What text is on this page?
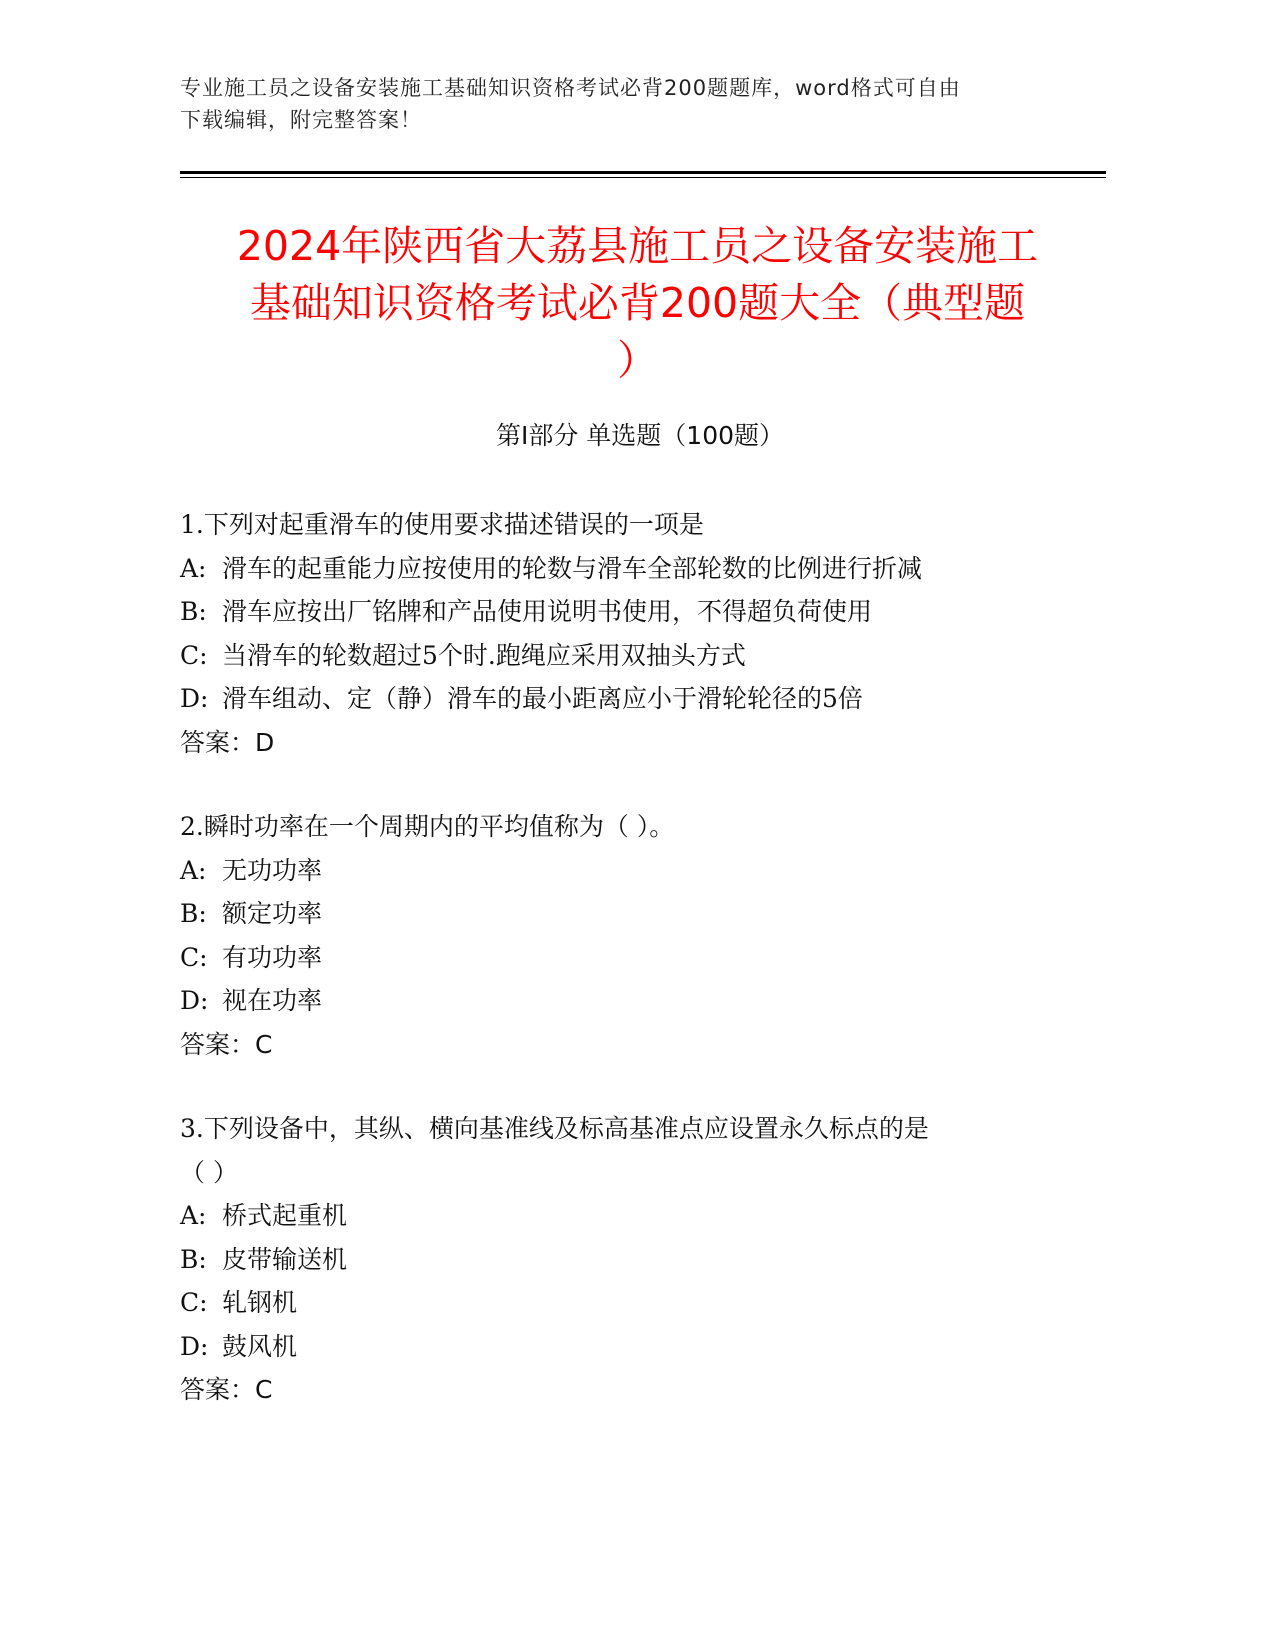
专业施工员之设备安装施工基础知识资格考试必背200题题库，word格式可自由
下载编辑，附完整答案！
2024年陕西省大荔县施工员之设备安装施工
基础知识资格考试必背200题大全（典型题
）
第I部分 单选题（100题）
1.下列对起重滑车的使用要求描述错误的一项是
A: 滑车的起重能力应按使用的轮数与滑车全部轮数的比例进行折减
B: 滑车应按出厂铭牌和产品使用说明书使用，不得超负荷使用
C: 当滑车的轮数超过5个时.跑绳应采用双抽头方式
D: 滑车组动、定（静）滑车的最小距离应小于滑轮轮径的5倍
答案：D
2.瞬时功率在一个周期内的平均值称为（ ）。
A: 无功功率
B: 额定功率
C: 有功功率
D: 视在功率
答案：C
3.下列设备中，其纵、横向基准线及标高基准点应设置永久标点的是
（ ）
A: 桥式起重机
B: 皮带输送机
C: 轧钢机
D: 鼓风机
答案：C
